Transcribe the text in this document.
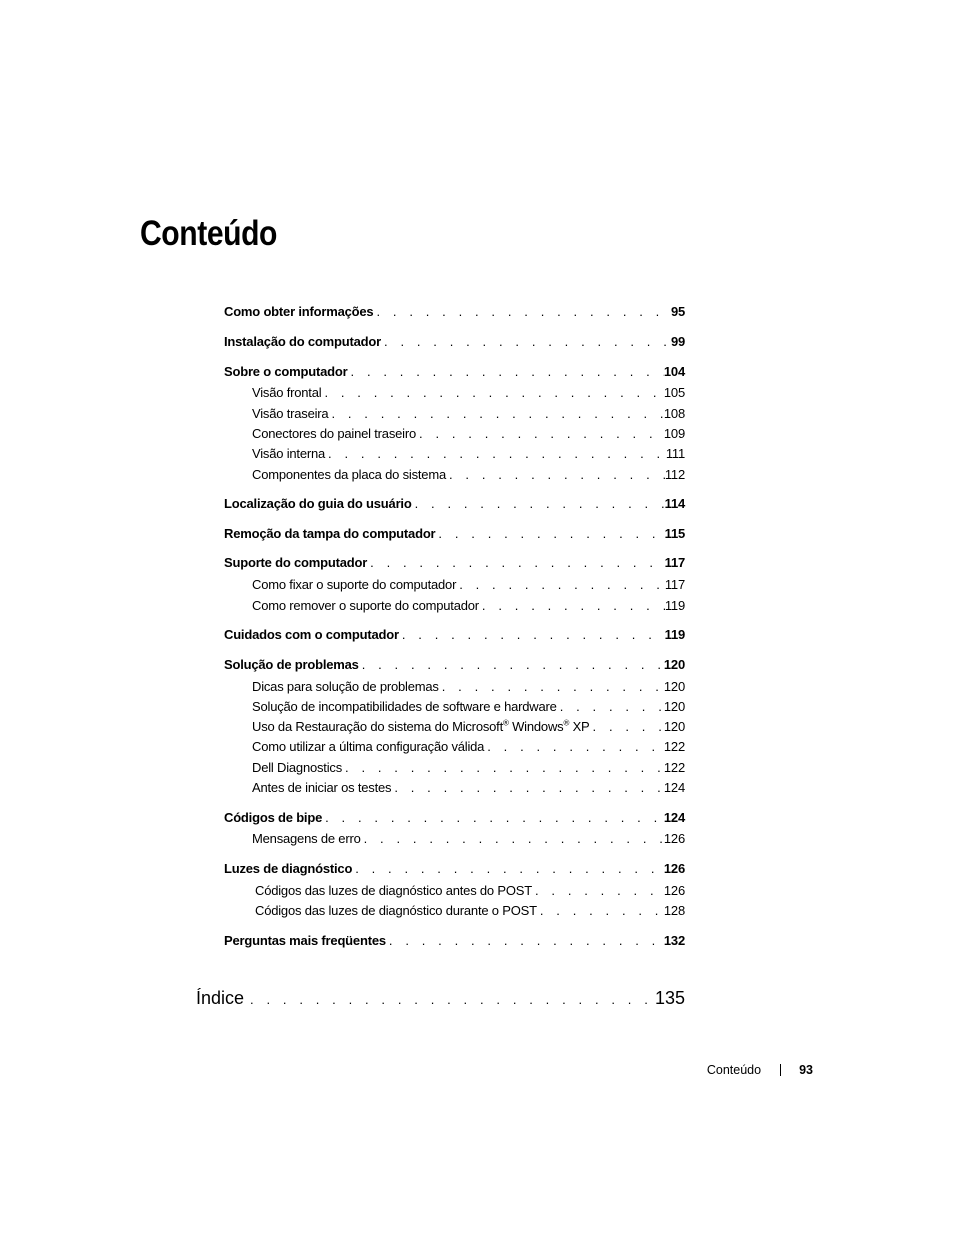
Conteúdo
Como obter informações . . .	95
Instalação do computador . . .	99
Sobre o computador . . .	104
Visão frontal . . .	105
Visão traseira . . .	108
Conectores do painel traseiro . . .	109
Visão interna . . .	111
Componentes da placa do sistema . . .	112
Localização do guia do usuário . . .	114
Remoção da tampa do computador . . .	115
Suporte do computador . . .	117
Como fixar o suporte do computador . . .	117
Como remover o suporte do computador . . .	119
Cuidados com o computador . . .	119
Solução de problemas . . .	120
Dicas para solução de problemas . . .	120
Solução de incompatibilidades de software e hardware . . .	120
Uso da Restauração do sistema do Microsoft® Windows® XP . . .	120
Como utilizar a última configuração válida . . .	122
Dell Diagnostics . . .	122
Antes de iniciar os testes . . .	124
Códigos de bipe . . .	124
Mensagens de erro . . .	126
Luzes de diagnóstico . . .	126
Códigos das luzes de diagnóstico antes do POST . . .	126
Códigos das luzes de diagnóstico durante o POST . . .	128
Perguntas mais freqüentes . . .	132
Índice . . .	135
Conteúdo	93
